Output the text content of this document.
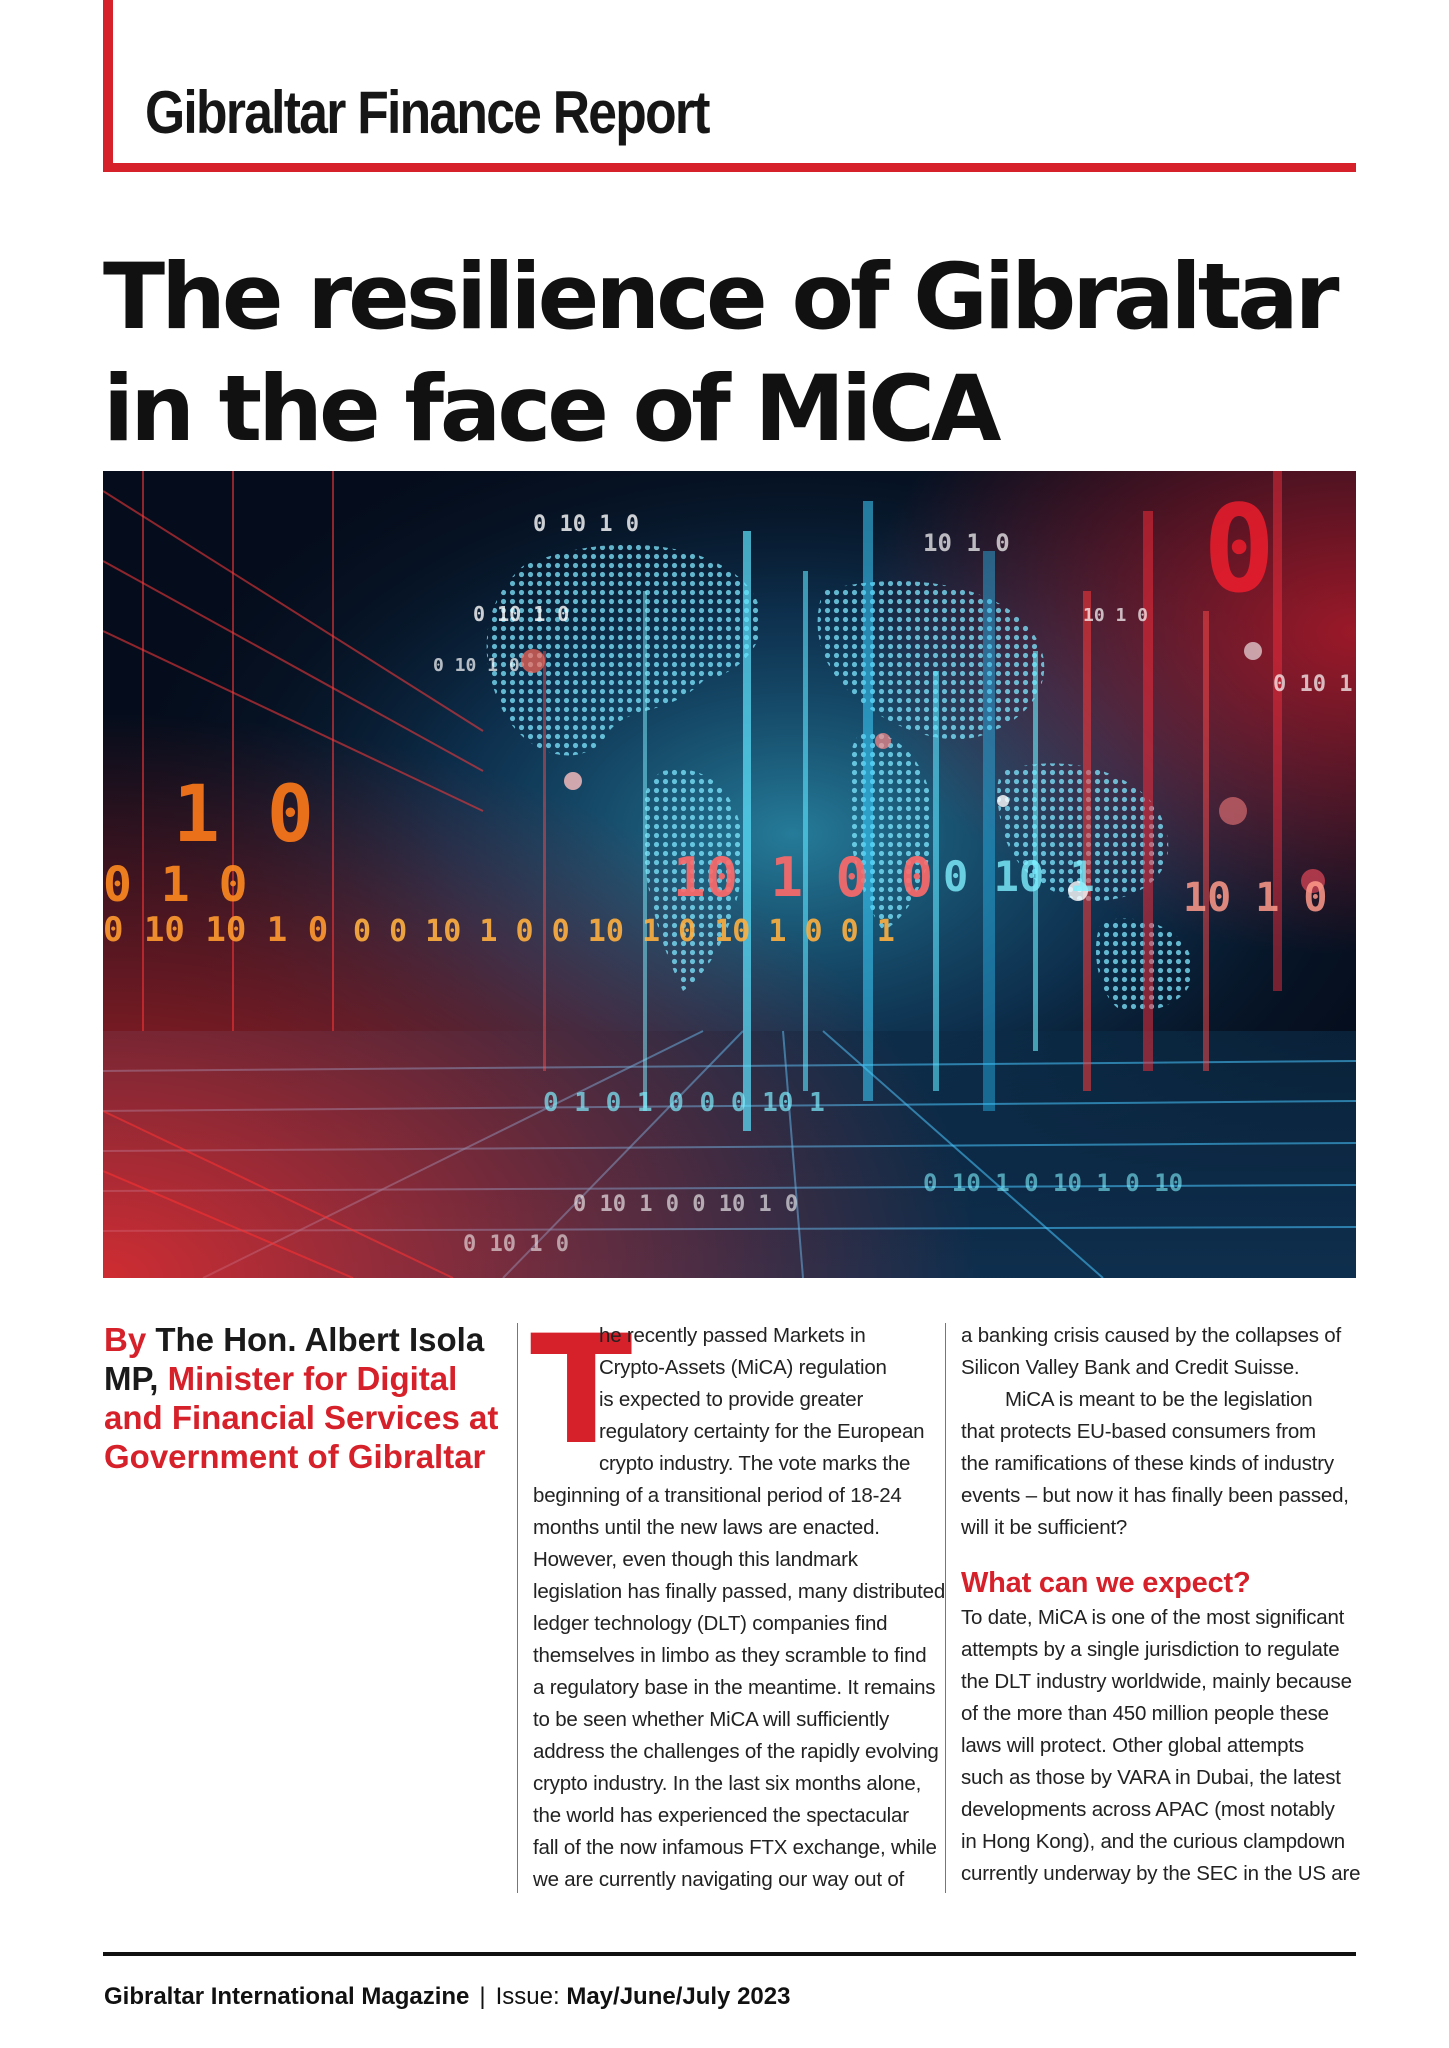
Gibraltar Finance Report
The resilience of Gibraltar in the face of MiCA
1 0
0 1 0
0 10 10 1 0 0 0 10 1 0 0 10 1 0 10 1 0 0 1
10 1 0 0 0 10 1 10 1 0
0
0 10 1 0
0 10 1 0
0 10 1 0
10 1 0
10 1 0
0 10 1
0 1 0 1 0 0 0 10 1
0 10 1 0 10 1 0 10
0 10 1 0 0 10 1 0
0 10 1 0

By The Hon. Albert Isola MP, Minister for Digital and Financial Services at Government of Gibraltar T

he recently passed Markets in
Crypto-Assets (MiCA) regulation
is expected to provide greater
regulatory certainty for the European
crypto industry. The vote marks the
beginning of a transitional period of 18-24
months until the new laws are enacted.
However, even though this landmark
legislation has finally passed, many distributed
ledger technology (DLT) companies find
themselves in limbo as they scramble to find
a regulatory base in the meantime. It remains
to be seen whether MiCA will sufficiently
address the challenges of the rapidly evolving
crypto industry. In the last six months alone,
the world has experienced the spectacular
fall of the now infamous FTX exchange, while
we are currently navigating our way out of

a banking crisis caused by the collapses of
Silicon Valley Bank and Credit Suisse.

MiCA is meant to be the legislation
that protects EU-based consumers from
the ramifications of these kinds of industry
events – but now it has finally been passed,
will it be sufficient?

What can we expect?

To date, MiCA is one of the most significant
attempts by a single jurisdiction to regulate
the DLT industry worldwide, mainly because
of the more than 450 million people these
laws will protect. Other global attempts
such as those by VARA in Dubai, the latest
developments across APAC (most notably
in Hong Kong), and the curious clampdown
currently underway by the SEC in the US are

Gibraltar International Magazine | Issue: May/June/July 2023
